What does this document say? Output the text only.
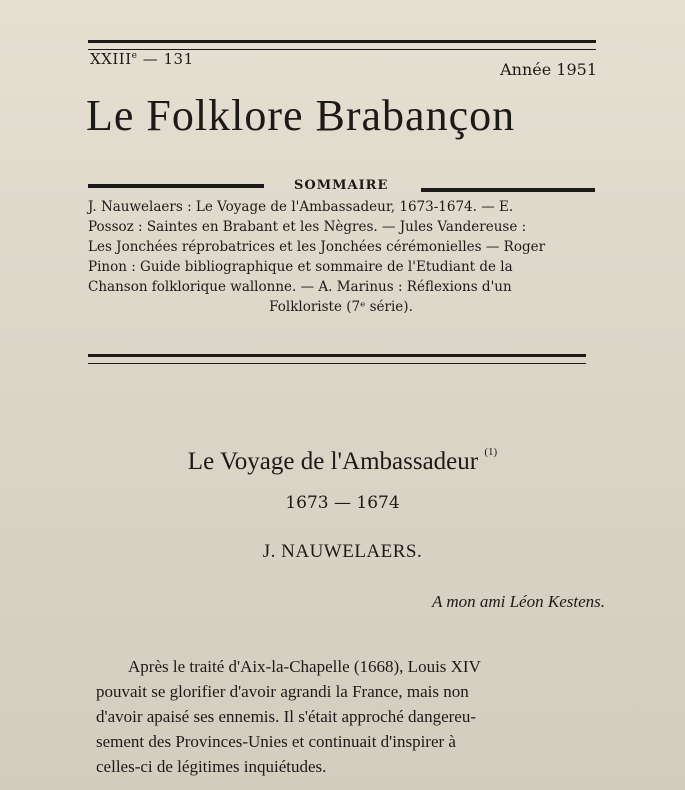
XXIIIe — 131
Année 1951
Le Folklore Brabançon
SOMMAIRE

J. Nauwelaers : Le Voyage de l'Ambassadeur, 1673-1674. — E.

Possoz : Saintes en Brabant et les Nègres. — Jules Vandereuse :

Les Jonchées réprobatrices et les Jonchées cérémonielles — Roger

Pinon : Guide bibliographique et sommaire de l'Etudiant de la

Chanson folklorique wallonne. — A. Marinus : Réflexions d'un

Folkloriste (7ᵉ série).

Le Voyage de l'Ambassadeur $^{(1)}$
1673 — 1674
J. NAUWELAERS.
A mon ami Léon Kestens.
Après le traité d'Aix-la-Chapelle (1668), Louis XIV
pouvait se glorifier d'avoir agrandi la France, mais non
d'avoir apaisé ses ennemis. Il s'était approché dangereu-
sement des Provinces-Unies et continuait d'inspirer à
celles-ci de légitimes inquiétudes.
